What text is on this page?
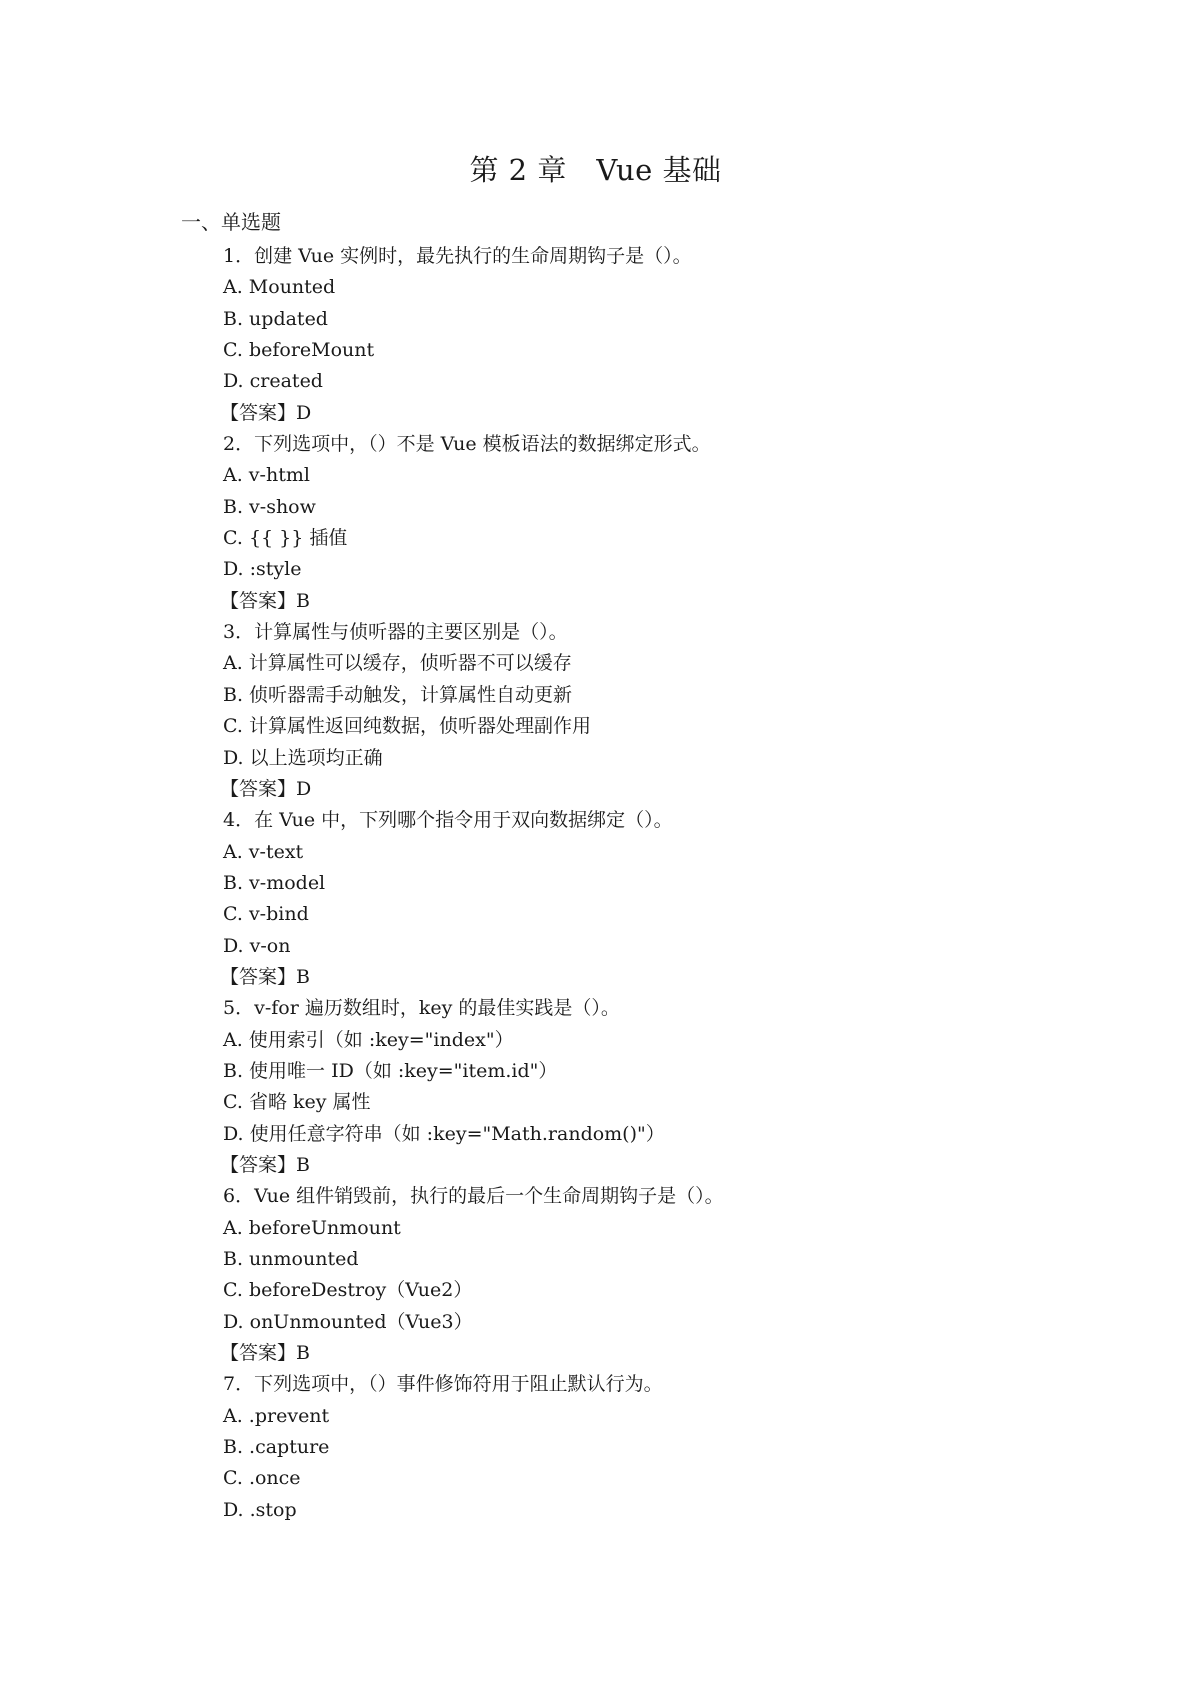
第 2 章　Vue 基础
一、单选题
1．创建 Vue 实例时，最先执行的生命周期钩子是（）。
A. Mounted
B. updated
C. beforeMount
D. created
【答案】D
2．下列选项中，（）不是 Vue 模板语法的数据绑定形式。
A. v-html
B. v-show
C. {{ }} 插值
D. :style
【答案】B
3．计算属性与侦听器的主要区别是（）。
A. 计算属性可以缓存，侦听器不可以缓存
B. 侦听器需手动触发，计算属性自动更新
C. 计算属性返回纯数据，侦听器处理副作用
D. 以上选项均正确
【答案】D
4．在 Vue 中，下列哪个指令用于双向数据绑定（）。
A. v-text
B. v-model
C. v-bind
D. v-on
【答案】B
5．v-for 遍历数组时，key 的最佳实践是（）。
A. 使用索引（如 :key="index"）
B. 使用唯一 ID（如 :key="item.id"）
C. 省略 key 属性
D. 使用任意字符串（如 :key="Math.random()"）
【答案】B
6．Vue 组件销毁前，执行的最后一个生命周期钩子是（）。
A. beforeUnmount
B. unmounted
C. beforeDestroy（Vue2）
D. onUnmounted（Vue3）
【答案】B
7．下列选项中，（）事件修饰符用于阻止默认行为。
A. .prevent
B. .capture
C. .once
D. .stop
